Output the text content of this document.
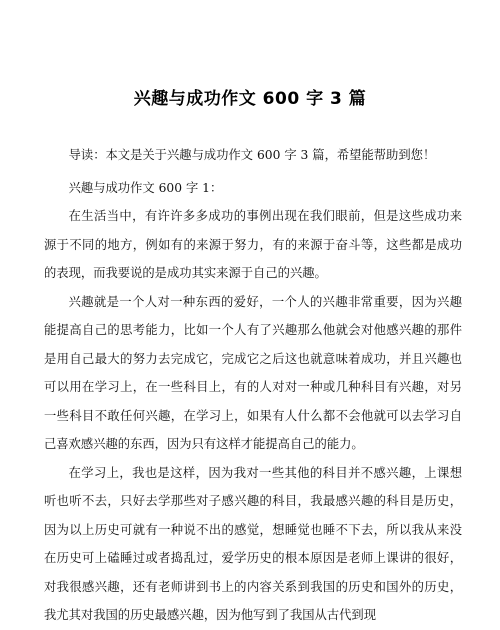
兴趣与成功作文 600 字 3 篇

导读：本文是关于兴趣与成功作文 600 字 3 篇，希望能帮助到您！

兴趣与成功作文 600 字 1：

在生活当中，有许许多多成功的事例出现在我们眼前，但是这些成功来源于不同的地方，例如有的来源于努力，有的来源于奋斗等，这些都是成功的表现，而我要说的是成功其实来源于自己的兴趣。

兴趣就是一个人对一种东西的爱好，一个人的兴趣非常重要，因为兴趣能提高自己的思考能力，比如一个人有了兴趣那么他就会对他感兴趣的那件是用自己最大的努力去完成它，完成它之后这也就意味着成功，并且兴趣也可以用在学习上，在一些科目上，有的人对对一种或几种科目有兴趣，对另一些科目不敢任何兴趣，在学习上，如果有人什么都不会他就可以去学习自己喜欢感兴趣的东西，因为只有这样才能提高自己的能力。

在学习上，我也是这样，因为我对一些其他的科目并不感兴趣，上课想听也听不去，只好去学那些对子感兴趣的科目，我最感兴趣的科目是历史，因为以上历史可就有一种说不出的感觉，想睡觉也睡不下去，所以我从来没在历史可上磕睡过或者捣乱过，爱学历史的根本原因是老师上课讲的很好，对我很感兴趣，还有老师讲到书上的内容关系到我国的历史和国外的历史，我尤其对我国的历史最感兴趣，因为他写到了我国从古代到现
